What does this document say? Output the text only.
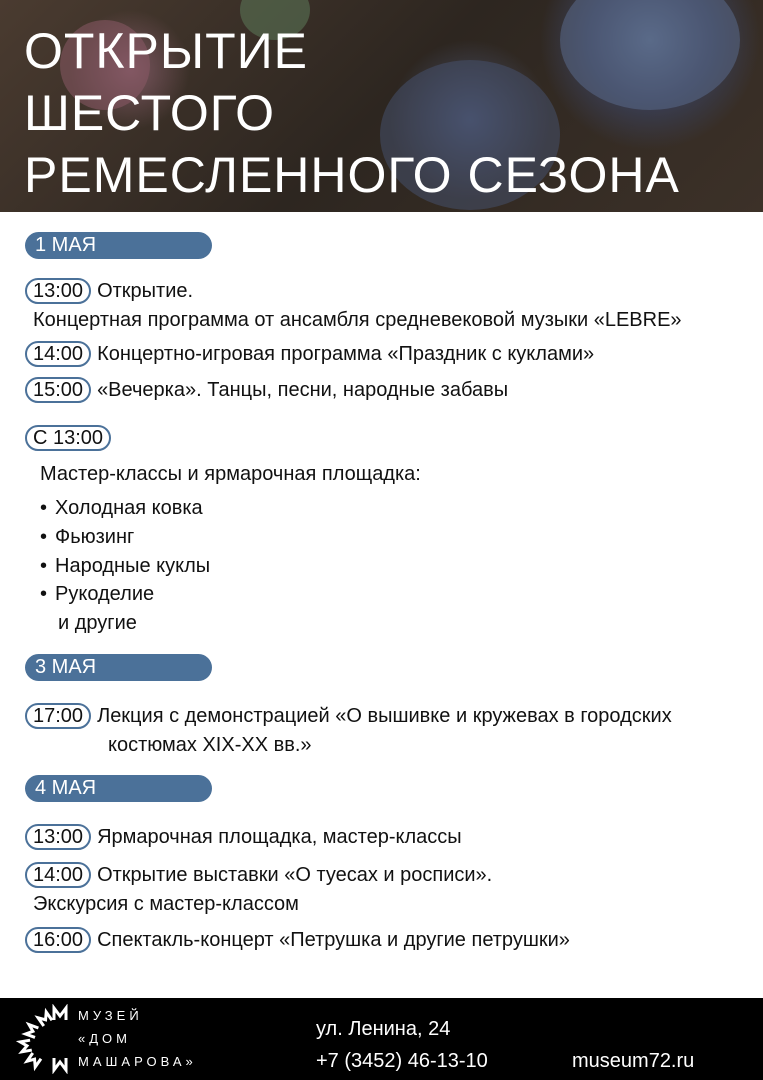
ОТКРЫТИЕ
ШЕСТОГО
РЕМЕСЛЕННОГО СЕЗОНА
1 МАЯ
13:00 Открытие.
Концертная программа от ансамбля средневековой музыки «LEBRE»
14:00 Концертно-игровая программа «Праздник с куклами»
15:00 «Вечерка». Танцы, песни, народные забавы
С 13:00
Мастер-классы и ярмарочная площадка:
• Холодная ковка
• Фьюзинг
• Народные куклы
• Рукоделие
и другие
3 МАЯ
17:00 Лекция с демонстрацией «О вышивке и кружевах в городских
костюмах XIX-XX вв.»
4 МАЯ
13:00 Ярмарочная площадка, мастер-классы
14:00 Открытие выставки «О туесах и росписи».
Экскурсия с мастер-классом
16:00 Спектакль-концерт «Петрушка и другие петрушки»
МУЗЕЙ
«ДОМ
МАШАРОВА»
ул. Ленина, 24
+7 (3452) 46-13-10	museum72.ru
